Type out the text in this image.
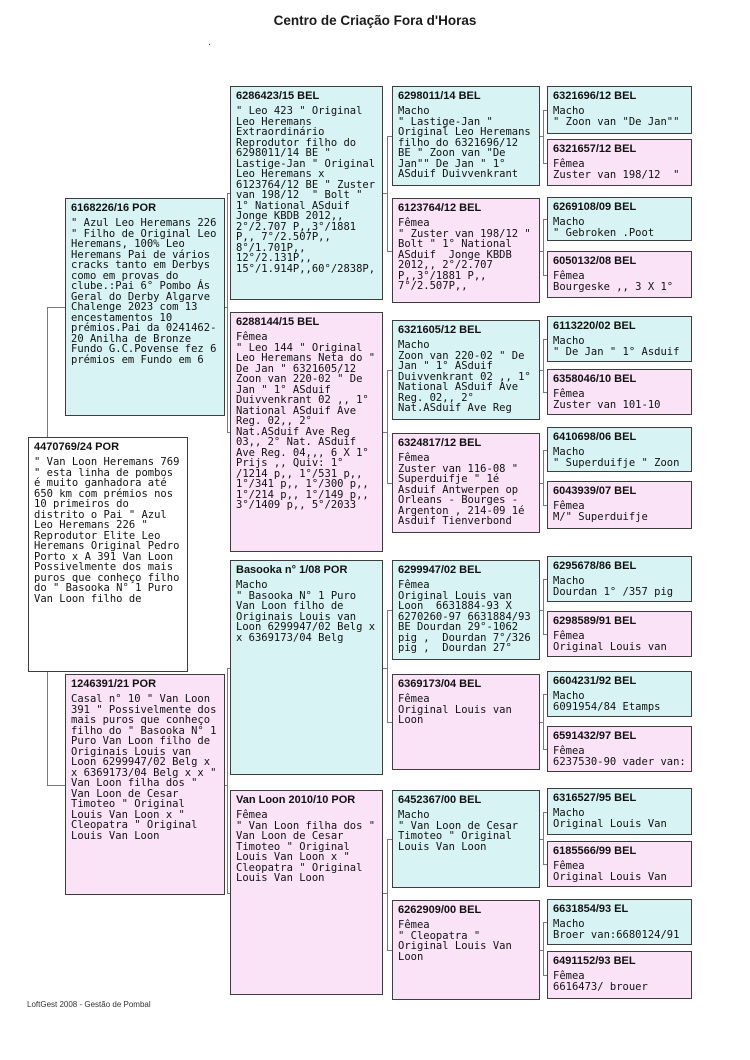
Centro de Criação Fora d'Horas
.
4470769/24 POR
" Van Loon Heremans 769 " esta linha de pombos é muito ganhadora até 650 km com prémios nos 10 primeiros do distrito o Pai " Azul Leo Heremans 226 " Reprodutor Elite Leo Heremans Original Pedro Porto x A 391 Van Loon Possivelmente dos mais puros que conheço filho do " Basooka N° 1 Puro Van Loon filho de
6168226/16 POR
" Azul Leo Heremans 226 " Filho de Original Leo Heremans, 100% Leo Heremans Pai de vários cracks tanto em Derbys como em provas do clube.:Pai 6° Pombo Ás Geral do Derby Algarve Chalenge 2023 com 13 encestamentos 10 prémios.Pai da 0241462-20 Anilha de Bronze Fundo G.C.Povense fez 6 prémios em Fundo em 6
1246391/21 POR
Casal n° 10 " Van Loon 391 " Possivelmente dos mais puros que conheço filho do " Basooka N° 1 Puro Van Loon filho de Originais Louis van Loon 6299947/02 Belg x x 6369173/04 Belg x x " Van Loon filha dos " Van Loon de Cesar Timoteo " Original Louis Van Loon x " Cleopatra " Original Louis Van Loon
6286423/15 BEL
" Leo 423 " Original Leo Heremans Extraordinário Reprodutor filho do 6298011/14 BE " Lastige-Jan " Original Leo Heremans x 6123764/12 BE " Zuster van 198/12  " Bolt " 1° National ASduif  Jonge KBDB 2012,, 2°/2.707 P,,3°/1881 P,, 7°/2.507P,, 8°/1.701P,, 12°/2.131P,, 15°/1.914P,,60°/2838P,
6288144/15 BEL
Fêmea
" Leo 144 " Original Leo Heremans Neta do " De Jan " 6321605/12 Zoon van 220-02 " De Jan " 1° ASduif Duivvenkrant 02 ,, 1° National ASduif Ave Reg. 02,, 2° Nat.ASduif Ave Reg 03,, 2° Nat. ASduif Ave Reg. 04,,, 6 X 1° Prijs ,, Quiv: 1° /1214 p,, 1°/531 p,, 1°/341 p,, 1°/300 p,, 1°/214 p,, 1°/149 p,, 3°/1409 p,, 5°/2033
Basooka n° 1/08 POR
Macho
" Basooka N° 1 Puro Van Loon filho de Originais Louis van Loon 6299947/02 Belg x x 6369173/04 Belg
Van Loon 2010/10 POR
Fêmea
" Van Loon filha dos " Van Loon de Cesar Timoteo " Original Louis Van Loon x " Cleopatra " Original Louis Van Loon
6298011/14 BEL
Macho
" Lastige-Jan " Original Leo Heremans filho do 6321696/12 BE " Zoon van "De Jan"" De Jan " 1° ASduif Duivvenkrant
6123764/12 BEL
Fêmea
" Zuster van 198/12 " Bolt " 1° National ASduif  Jonge KBDB 2012,, 2°/2.707 P,,3°/1881 P,, 7°/2.507P,,
6321605/12 BEL
Macho
Zoon van 220-02 " De Jan " 1° ASduif Duivvenkrant 02 ,, 1° National ASduif Ave Reg. 02,, 2° Nat.ASduif Ave Reg
6324817/12 BEL
Fêmea
Zuster van 116-08 " Superduifje " 1é Asduif Antwerpen op Orleans - Bourges - Argenton , 214-09 1é Asduif Tienverbond
6299947/02 BEL
Fêmea
Original Louis van Loon  6631884-93 X 6270260-97 6631884/93 BE Dourdan 29°-1062 pig ,  Dourdan 7°/326 pig ,  Dourdan 27°
6369173/04 BEL
Fêmea
Original Louis van Loon
6452367/00 BEL
Macho
" Van Loon de Cesar Timoteo " Original Louis Van Loon
6262909/00 BEL
Fêmea
" Cleopatra " Original Louis Van Loon
6321696/12 BEL
Macho
" Zoon van "De Jan""
6321657/12 BEL
Fêmea
Zuster van 198/12  "
6269108/09 BEL
Macho
" Gebroken .Poot
6050132/08 BEL
Fêmea
Bourgeske ,, 3 X 1°
6113220/02 BEL
Macho
" De Jan " 1° Asduif
6358046/10 BEL
Fêmea
Zuster van 101-10
6410698/06 BEL
Macho
" Superduifje " Zoon
6043939/07 BEL
Fêmea
M/" Superduifje
6295678/86 BEL
Macho
Dourdan 1° /357 pig
6298589/91 BEL
Fêmea
Original Louis van
6604231/92 BEL
Macho
6091954/84 Etamps
6591432/97 BEL
Fêmea
6237530-90 vader van:
6316527/95 BEL
Macho
Original Louis Van
6185566/99 BEL
Fêmea
Original Louis Van
6631854/93 EL
Macho
Broer van:6680124/91
6491152/93 BEL
Fêmea
6616473/ brouer
LoftGest 2008 - Gestão de Pombal
